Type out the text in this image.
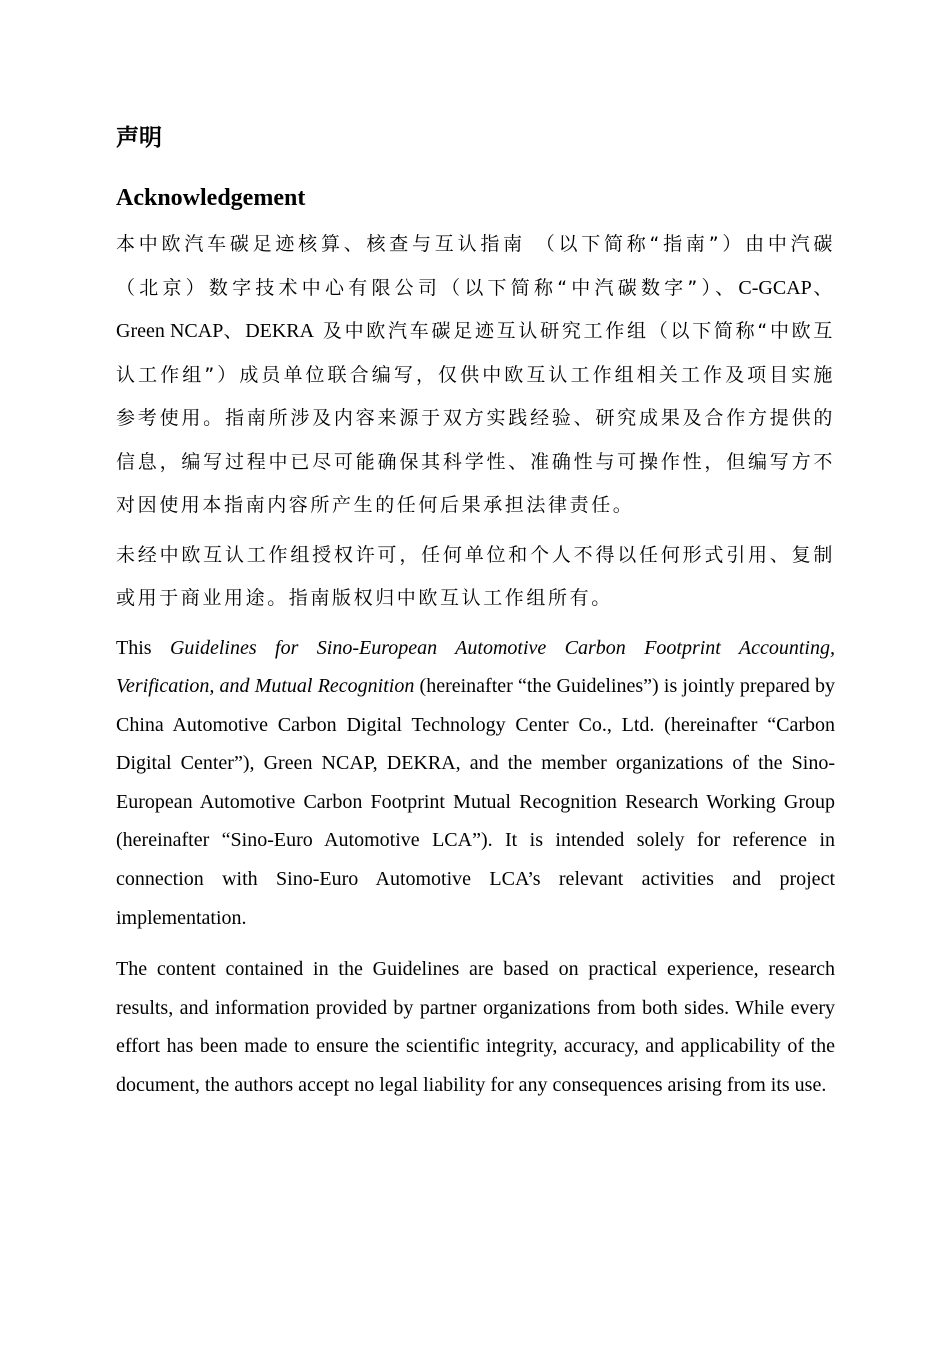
声明
Acknowledgement

本中欧汽车碳足迹核算、核查与互认指南 （以下简称“指南”）由中汽碳（北京）数字技术中心有限公司（以下简称“中汽碳数字”）、C-GCAP、Green NCAP、DEKRA 及中欧汽车碳足迹互认研究工作组（以下简称“中欧互认工作组”）成员单位联合编写，仅供中欧互认工作组相关工作及项目实施参考使用。指南所涉及内容来源于双方实践经验、研究成果及合作方提供的信息，编写过程中已尽可能确保其科学性、准确性与可操作性，但编写方不对因使用本指南内容所产生的任何后果承担法律责任。

未经中欧互认工作组授权许可，任何单位和个人不得以任何形式引用、复制或用于商业用途。指南版权归中欧互认工作组所有。

This Guidelines for Sino-European Automotive Carbon Footprint Accounting, Verification, and Mutual Recognition (hereinafter “the Guidelines”) is jointly prepared by China Automotive Carbon Digital Technology Center Co., Ltd. (hereinafter “Carbon Digital Center”), Green NCAP, DEKRA, and the member organizations of the Sino-European Automotive Carbon Footprint Mutual Recognition Research Working Group (hereinafter “Sino-Euro Automotive LCA”). It is intended solely for reference in connection with Sino-Euro Automotive LCA’s relevant activities and project implementation.

The content contained in the Guidelines are based on practical experience, research results, and information provided by partner organizations from both sides. While every effort has been made to ensure the scientific integrity, accuracy, and applicability of the document, the authors accept no legal liability for any consequences arising from its use.
